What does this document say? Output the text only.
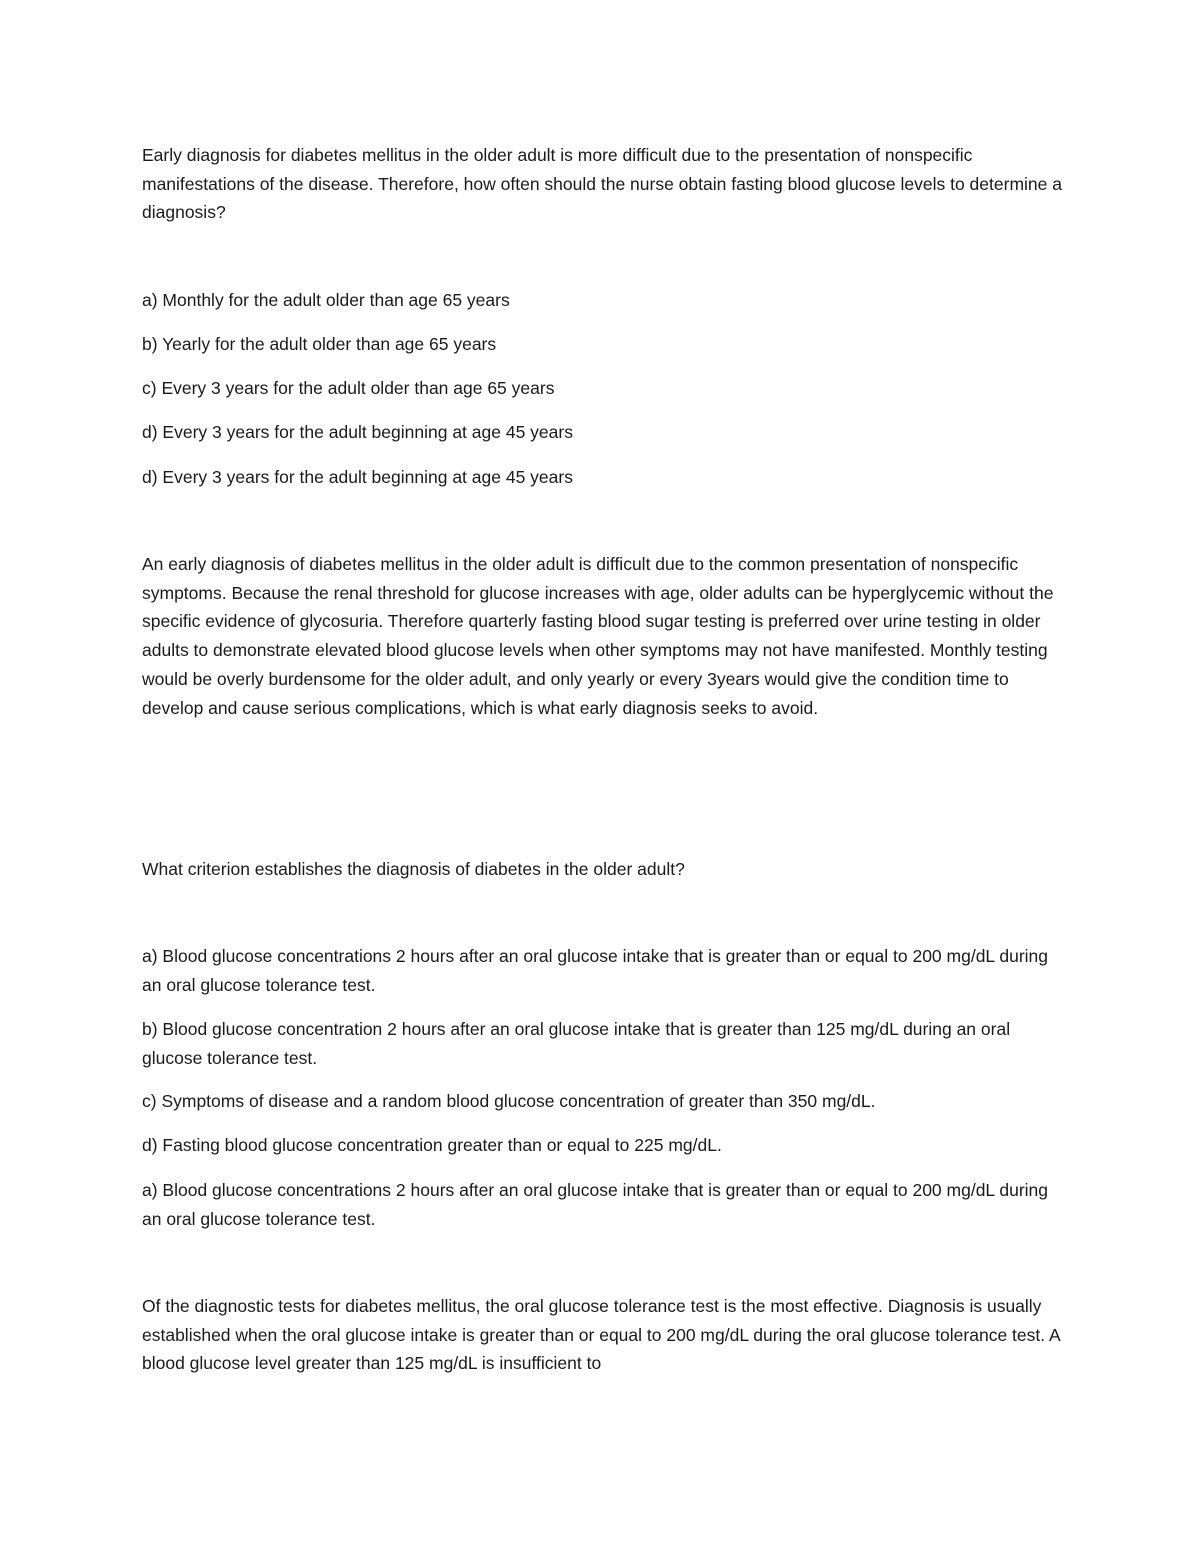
Early diagnosis for diabetes mellitus in the older adult is more difficult due to the presentation of nonspecific manifestations of the disease. Therefore, how often should the nurse obtain fasting blood glucose levels to determine a diagnosis?

a) Monthly for the adult older than age 65 years

b) Yearly for the adult older than age 65 years

c) Every 3 years for the adult older than age 65 years

d) Every 3 years for the adult beginning at age 45 years

d) Every 3 years for the adult beginning at age 45 years

An early diagnosis of diabetes mellitus in the older adult is difficult due to the common presentation of nonspecific symptoms. Because the renal threshold for glucose increases with age, older adults can be hyperglycemic without the specific evidence of glycosuria. Therefore quarterly fasting blood sugar testing is preferred over urine testing in older adults to demonstrate elevated blood glucose levels when other symptoms may not have manifested. Monthly testing would be overly burdensome for the older adult, and only yearly or every 3years would give the condition time to develop and cause serious complications, which is what early diagnosis seeks to avoid.

What criterion establishes the diagnosis of diabetes in the older adult?

a) Blood glucose concentrations 2 hours after an oral glucose intake that is greater than or equal to 200 mg/dL during an oral glucose tolerance test.

b) Blood glucose concentration 2 hours after an oral glucose intake that is greater than 125 mg/dL during an oral glucose tolerance test.

c) Symptoms of disease and a random blood glucose concentration of greater than 350 mg/dL.

d) Fasting blood glucose concentration greater than or equal to 225 mg/dL.

a) Blood glucose concentrations 2 hours after an oral glucose intake that is greater than or equal to 200 mg/dL during an oral glucose tolerance test.

Of the diagnostic tests for diabetes mellitus, the oral glucose tolerance test is the most effective. Diagnosis is usually established when the oral glucose intake is greater than or equal to 200 mg/dL during the oral glucose tolerance test. A blood glucose level greater than 125 mg/dL is insufficient to
